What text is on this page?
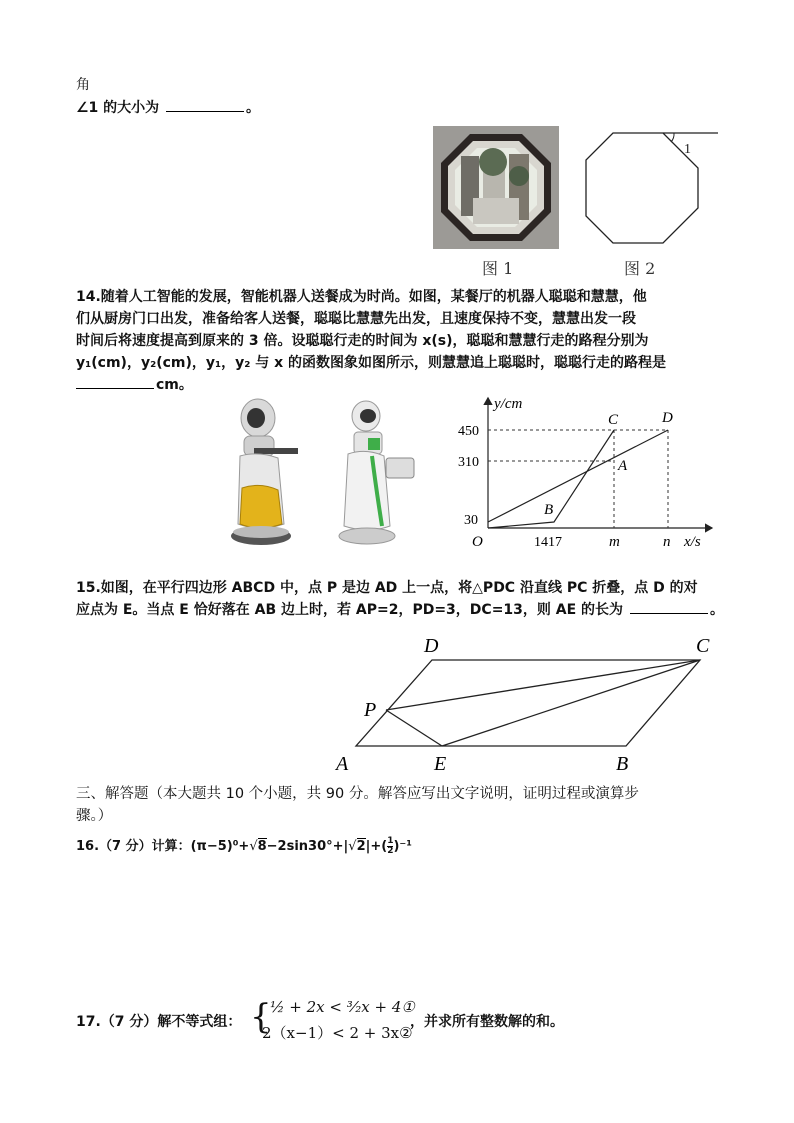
角
∠1 的大小为	。
图 1
1
图 2
14.随着人工智能的发展，智能机器人送餐成为时尚。如图，某餐厅的机器人聪聪和慧慧，他
们从厨房门口出发，准备给客人送餐，聪聪比慧慧先出发，且速度保持不变，慧慧出发一段
时间后将速度提高到原来的 3 倍。设聪聪行走的时间为 x(s)，聪聪和慧慧行走的路程分别为
y₁(cm)，y₂(cm)，y₁，y₂ 与 x 的函数图象如图所示，则慧慧追上聪聪时，聪聪行走的路程是
cm。
y/cm
x/s
O
450
310
30
1417	m	n
C	D
A
B
15.如图，在平行四边形 ABCD 中，点 P 是边 AD 上一点，将△PDC 沿直线 PC 折叠，点 D 的对
应点为 E。当点 E 恰好落在 AB 边上时，若 AP=2，PD=3，DC=13，则 AE 的长为	。
D	C
P
A	E	B
三、解答题（本大题共 10 个小题，共 90 分。解答应写出文字说明，证明过程或演算步
骤。）
16.（7 分）计算：$(\pi-5)^0+√8-2\sin 30^\circ+|√2|+( \frac{1}{2} )^{-1}$
17.（7 分）解不等式组： {
½ + 2x < ³⁄₂x + 4①
2（x−1）< 2 + 3x②
，并求所有整数解的和。
